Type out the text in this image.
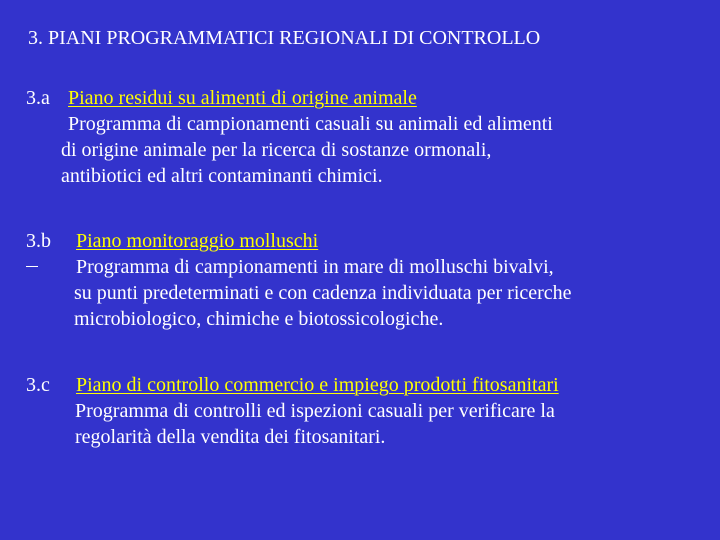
3. PIANI PROGRAMMATICI REGIONALI DI CONTROLLO
3.a Piano residui su alimenti di origine animale
Programma di campionamenti casuali su animali ed alimenti
di origine animale per la ricerca di sostanze ormonali,
antibiotici ed altri contaminanti chimici.
3.b Piano monitoraggio molluschi
Programma di campionamenti in mare di molluschi bivalvi,
su punti predeterminati e con cadenza individuata per ricerche
microbiologico, chimiche e biotossicologiche.
3.c Piano di controllo commercio e impiego prodotti fitosanitari
Programma di controlli ed ispezioni casuali per verificare la
regolarità della vendita dei fitosanitari.
